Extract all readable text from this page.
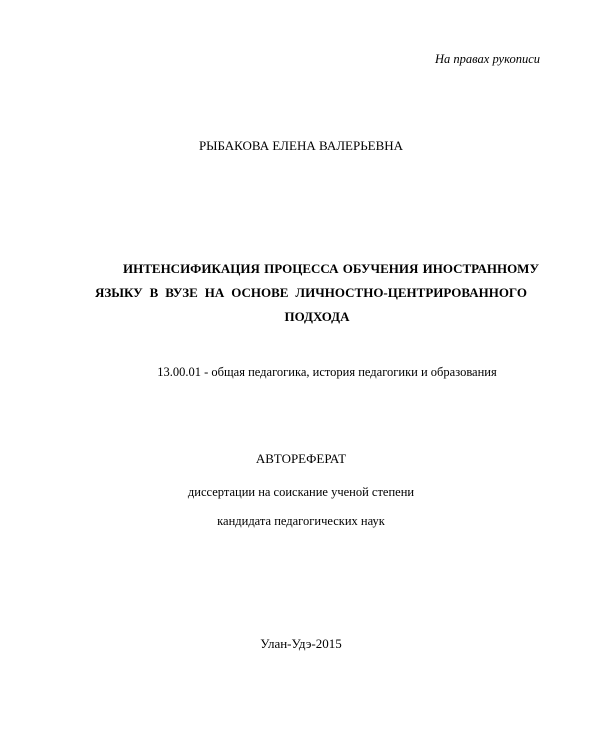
На правах рукописи

РЫБАКОВА ЕЛЕНА ВАЛЕРЬЕВНА

ИНТЕНСИФИКАЦИЯ ПРОЦЕССА ОБУЧЕНИЯ ИНОСТРАННОМУ
ЯЗЫКУ В ВУЗЕ НА ОСНОВЕ ЛИЧНОСТНО-ЦЕНТРИРОВАННОГО
ПОДХОДА

13.00.01 - общая педагогика, история педагогики и образования

АВТОРЕФЕРАТ

диссертации на соискание ученой степени

кандидата педагогических наук

Улан-Удэ-2015
